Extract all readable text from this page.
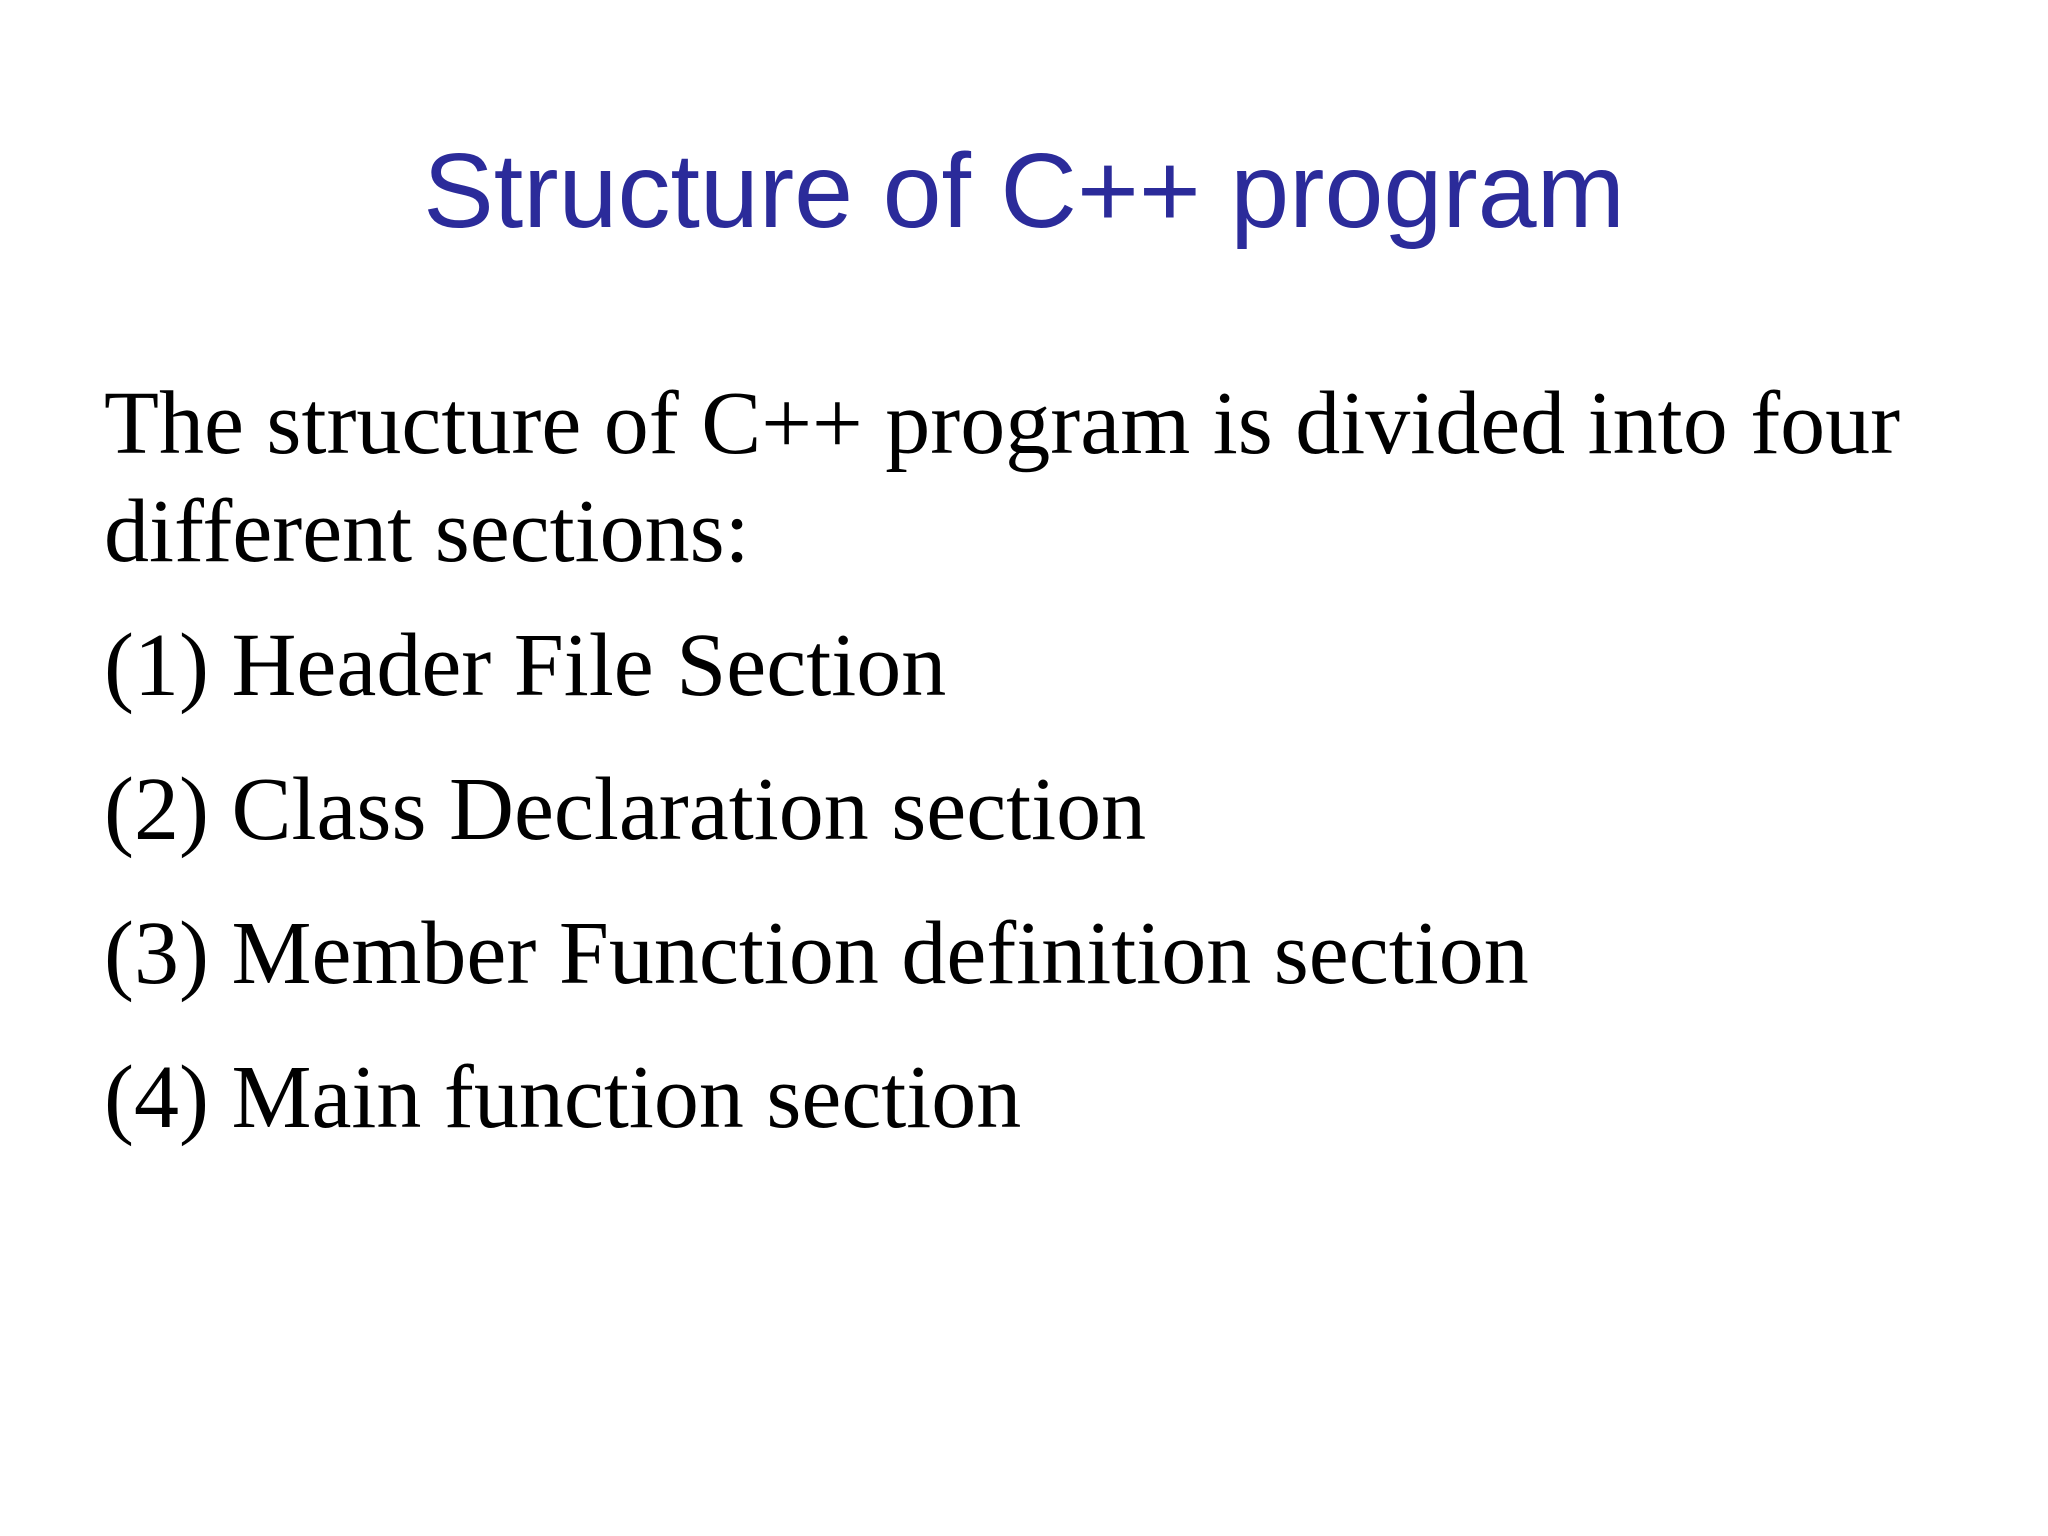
Structure of C++ program

The structure of C++ program is divided into four different sections:

(1) Header File Section
(2) Class Declaration section
(3) Member Function definition section
(4) Main function section
